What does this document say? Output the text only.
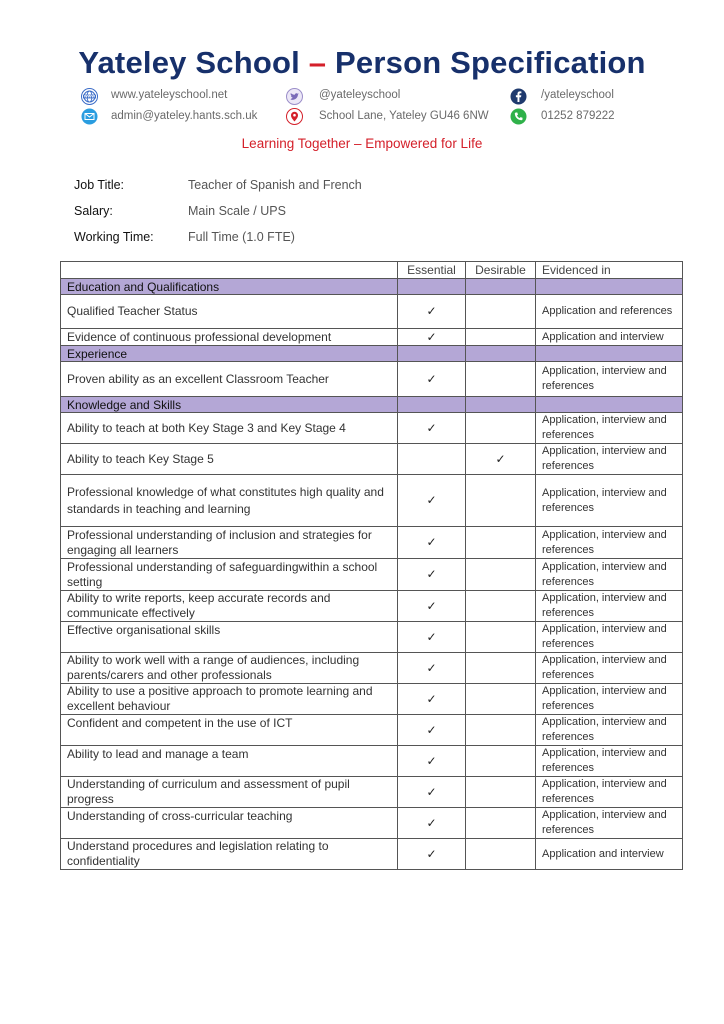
Yateley School – Person Specification
WWW www.yateleyschool.net	@yateleyschool	/yateleyschool
admin@yateley.hants.sch.uk	School Lane, Yateley GU46 6NW	01252 879222
Learning Together – Empowered for Life
Job Title:	Teacher of Spanish and French
Salary:	Main Scale / UPS
Working Time:	Full Time (1.0 FTE)
	Essential	Desirable	Evidenced in
Education and Qualifications			
Qualified Teacher Status	✓		Application and references
Evidence of continuous professional development	✓		Application and interview
Experience			
Proven ability as an excellent Classroom Teacher	✓		Application, interview and references
Knowledge and Skills			
Ability to teach at both Key Stage 3 and Key Stage 4	✓		Application, interview and references
Ability to teach Key Stage 5		✓	Application, interview and references
Professional knowledge of what constitutes high quality and standards in teaching and learning	✓		Application, interview and references
Professional understanding of inclusion and strategies for engaging all learners	✓		Application, interview and references
Professional understanding of safeguardingwithin a school setting	✓		Application, interview and references
Ability to write reports, keep accurate records and communicate effectively	✓		Application, interview and references
Effective organisational skills	✓		Application, interview and references
Ability to work well with a range of audiences, including parents/carers and other professionals	✓		Application, interview and references
Ability to use a positive approach to promote learning and excellent behaviour	✓		Application, interview and references
Confident and competent in the use of ICT	✓		Application, interview and references
Ability to lead and manage a team	✓		Application, interview and references
Understanding of curriculum and assessment of pupil progress	✓		Application, interview and references
Understanding of cross-curricular teaching	✓		Application, interview and references
Understand procedures and legislation relating to confidentiality	✓		Application and interview
